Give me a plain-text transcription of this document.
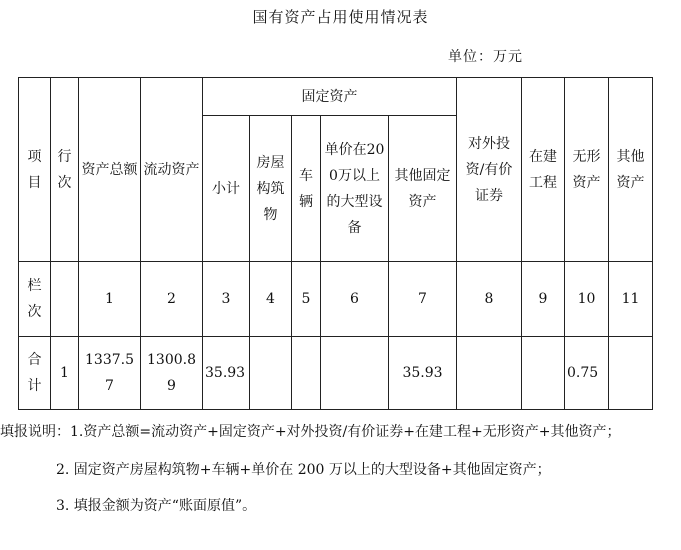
国有资产占用使用情况表
单位：万元
项目	行次	资产总额	流动资产	固定资产					对外投资/有价证券	在建工程	无形资产	其他资产
				小计	房屋构筑物	车辆	单价在200万以上的大型设备	其他固定资产				
栏次		1	2	3	4	5	6	7	8	9	10	11
合计	1	1337.57	1300.89	35.93				35.93			0.75	
填报说明：1.资产总额=流动资产+固定资产+对外投资/有价证券+在建工程+无形资产+其他资产；
2. 固定资产房屋构筑物+车辆+单价在 200 万以上的大型设备+其他固定资产；
3. 填报金额为资产“账面原值”。
